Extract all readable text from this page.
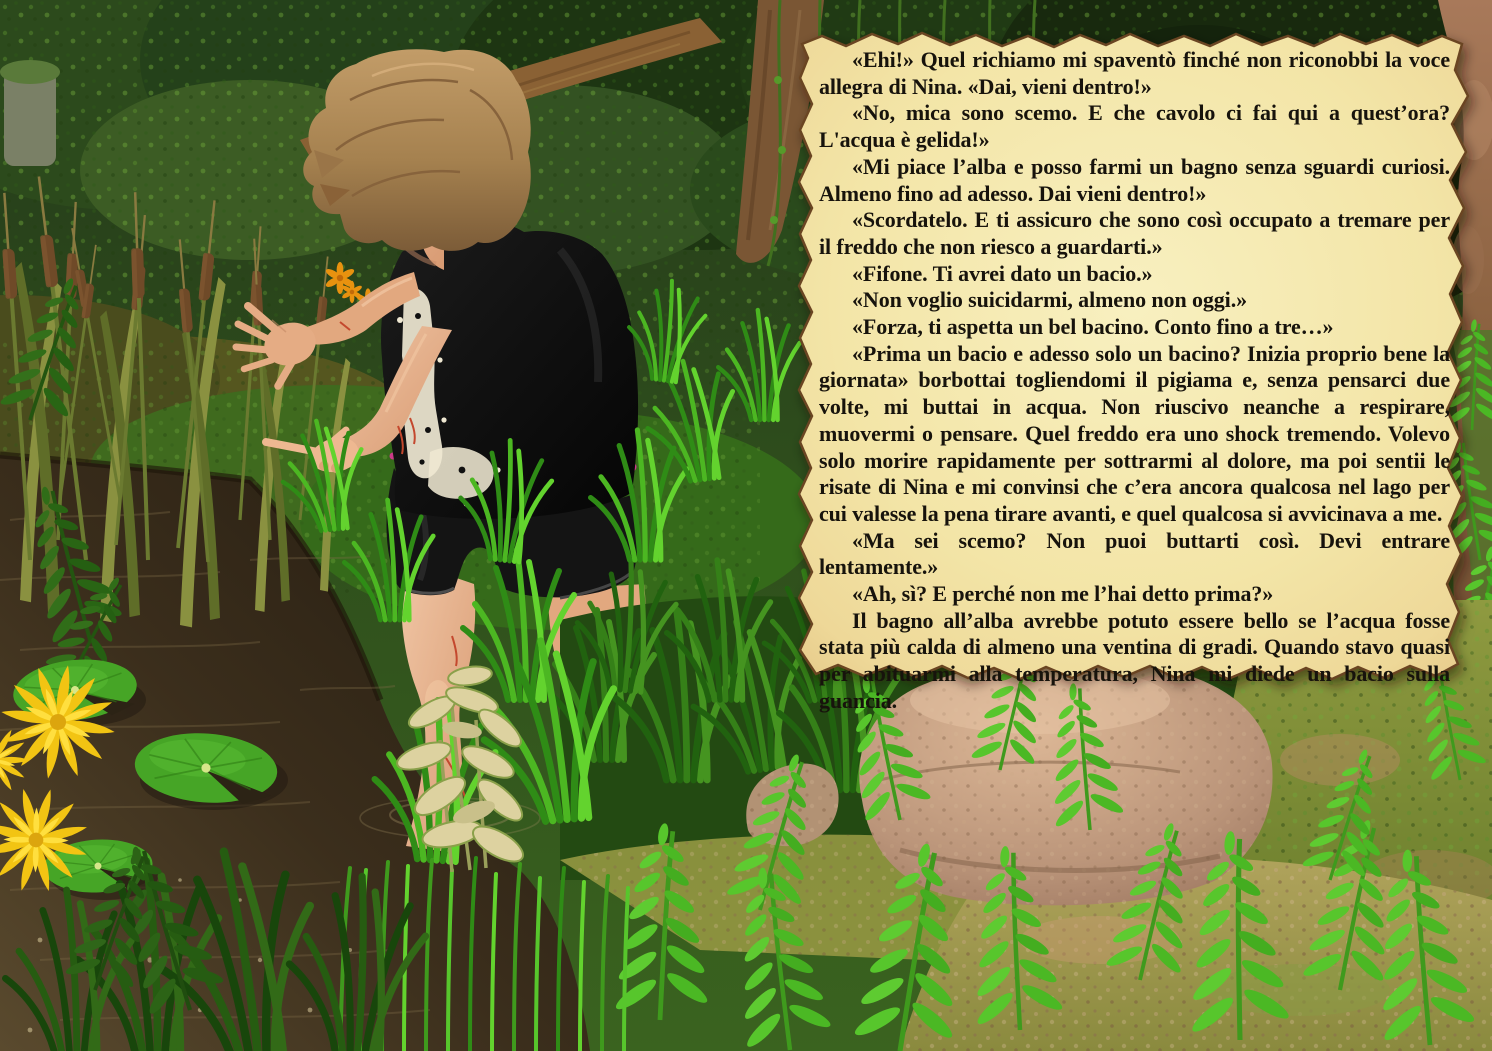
«Ehi!» Quel richiamo mi spaventò finché non riconobbi la voce allegra di Nina. «Dai, vieni dentro!»

«No, mica sono scemo. E che cavolo ci fai qui a quest’ora? L'acqua è gelida!»

«Mi piace l’alba e posso farmi un bagno senza sguardi curiosi. Almeno fino ad adesso. Dai vieni dentro!»

«Scordatelo. E ti assicuro che sono così occupato a tremare per il freddo che non riesco a guardarti.»

«Fifone. Ti avrei dato un bacio.»

«Non voglio suicidarmi, almeno non oggi.»

«Forza, ti aspetta un bel bacino. Conto fino a tre…»

«Prima un bacio e adesso solo un bacino? Inizia proprio bene la giornata» borbottai togliendomi il pigiama e, senza pensarci due volte, mi buttai in acqua. Non riuscivo neanche a respirare, muovermi o pensare. Quel freddo era uno shock tremendo. Volevo solo morire rapidamente per sottrarmi al dolore, ma poi sentii le risate di Nina e mi convinsi che c’era ancora qualcosa nel lago per cui valesse la pena tirare avanti, e quel qualcosa si avvicinava a me.

«Ma sei scemo? Non puoi buttarti così. Devi entrare lentamente.»

«Ah, sì? E perché non me l’hai detto prima?»

Il bagno all’alba avrebbe potuto essere bello se l’acqua fosse stata più calda di almeno una ventina di gradi. Quando stavo quasi per abituarmi alla temperatura, Nina mi diede un bacio sulla guancia.
